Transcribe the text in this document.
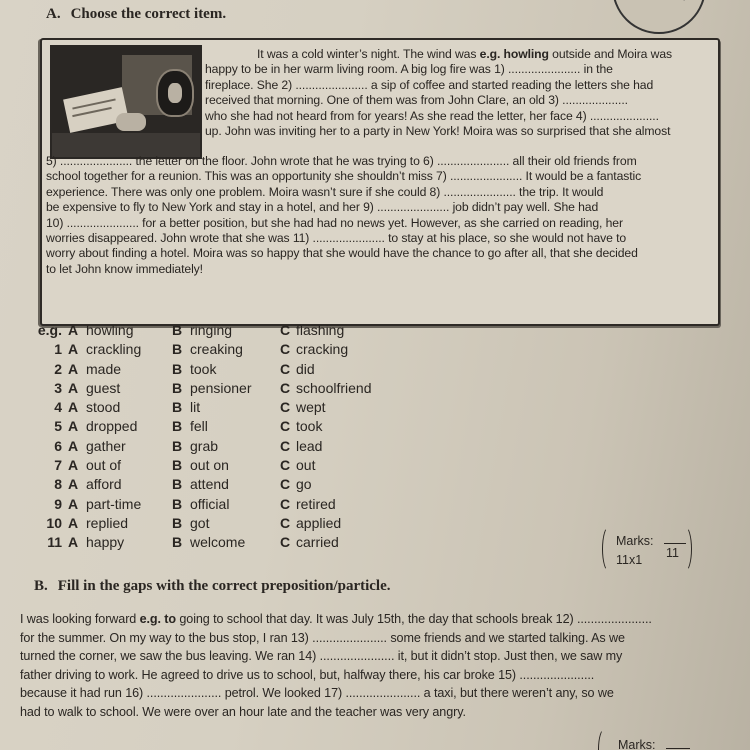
A. Choose the correct item.
It was a cold winter’s night. The wind was e.g. howling outside and Moira was
happy to be in her warm living room. A big log fire was 1) ...................... in the
fireplace. She 2) ...................... a sip of coffee and started reading the letters she had
received that morning. One of them was from John Clare, an old 3) ....................
who she had not heard from for years! As she read the letter, her face 4) .....................
up. John was inviting her to a party in New York! Moira was so surprised that she almost
5) ...................... the letter on the floor. John wrote that he was trying to 6) ...................... all their old friends from
school together for a reunion. This was an opportunity she shouldn’t miss 7) ...................... It would be a fantastic
experience. There was only one problem. Moira wasn’t sure if she could 8) ...................... the trip. It would
be expensive to fly to New York and stay in a hotel, and her 9) ...................... job didn’t pay well. She had
10) ...................... for a better position, but she had had no news yet. However, as she carried on reading, her
worries disappeared. John wrote that she was 11) ...................... to stay at his place, so she would not have to
worry about finding a hotel. Moira was so happy that she would have the chance to go after all, that she decided
to let John know immediately!
e.g. A howling	B ringing	C flashing
1 A crackling B creaking	C cracking
2 A made	B took	C did
3 A guest	B pensioner C schoolfriend
4 A stood	B lit	C wept
5 A dropped B fell	C took
6 A gather	B grab	C lead
7 A out of	B out on	C out
8 A afford	B attend	C go
9 A part-time B official	C retired
10 A replied	B got	C applied
11 A happy	B welcome C carried	Marks:
11
11x1
B. Fill in the gaps with the correct preposition/particle.
I was looking forward e.g. to going to school that day. It was July 15th, the day that schools break 12) ......................
for the summer. On my way to the bus stop, I ran 13) ...................... some friends and we started talking. As we
turned the corner, we saw the bus leaving. We ran 14) ...................... it, but it didn’t stop. Just then, we saw my
father driving to work. He agreed to drive us to school, but, halfway there, his car broke 15) ......................
because it had run 16) ...................... petrol. We looked 17) ...................... a taxi, but there weren’t any, so we
had to walk to school. We were over an hour late and the teacher was very angry.
Marks:
